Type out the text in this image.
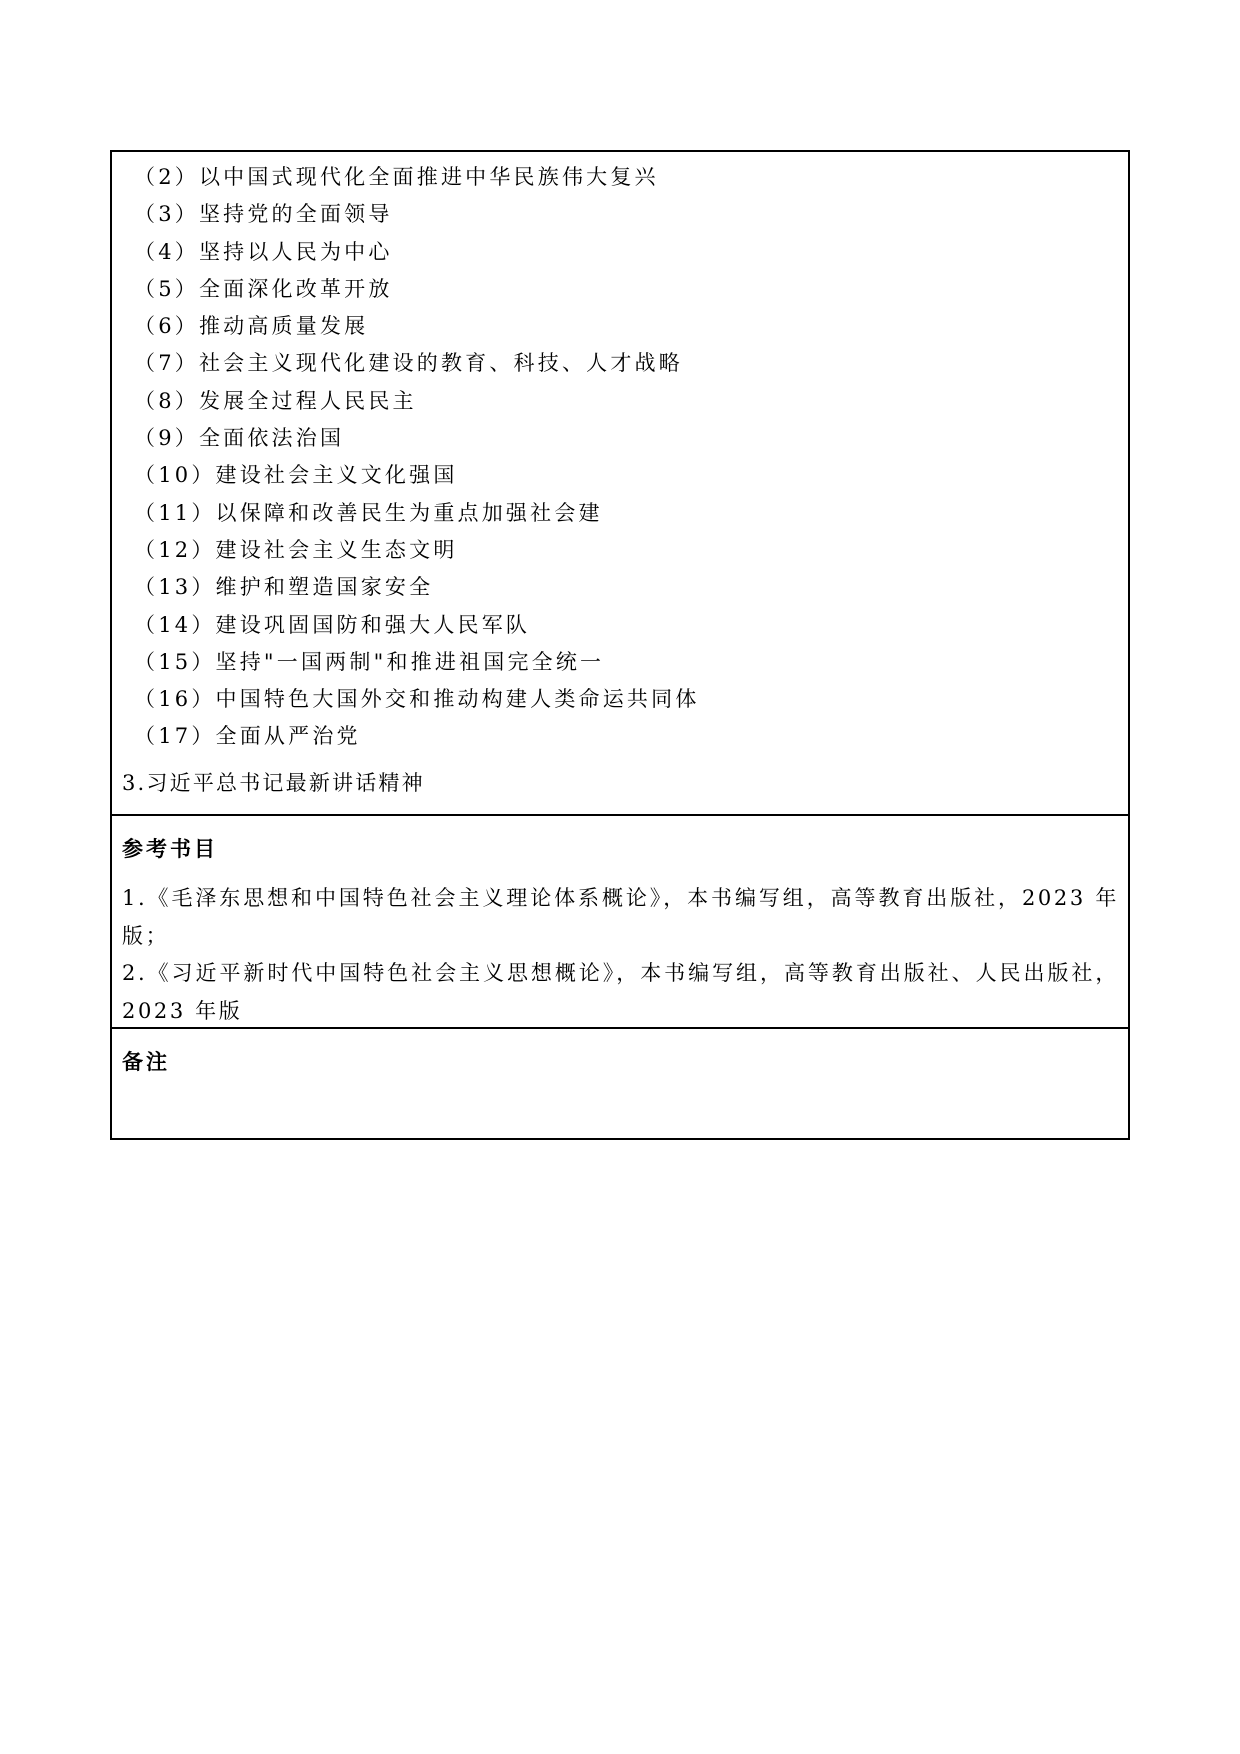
（2）以中国式现代化全面推进中华民族伟大复兴
（3）坚持党的全面领导
（4）坚持以人民为中心
（5）全面深化改革开放
（6）推动高质量发展
（7）社会主义现代化建设的教育、科技、人才战略
（8）发展全过程人民民主
（9）全面依法治国
（10）建设社会主义文化强国
（11）以保障和改善民生为重点加强社会建
（12）建设社会主义生态文明
（13）维护和塑造国家安全
（14）建设巩固国防和强大人民军队
（15）坚持"一国两制"和推进祖国完全统一
（16）中国特色大国外交和推动构建人类命运共同体
（17）全面从严治党
3.习近平总书记最新讲话精神
参考书目
1.《毛泽东思想和中国特色社会主义理论体系概论》，本书编写组，高等教育出版社，2023 年版；
2.《习近平新时代中国特色社会主义思想概论》，本书编写组，高等教育出版社、人民出版社，2023 年版
备注
